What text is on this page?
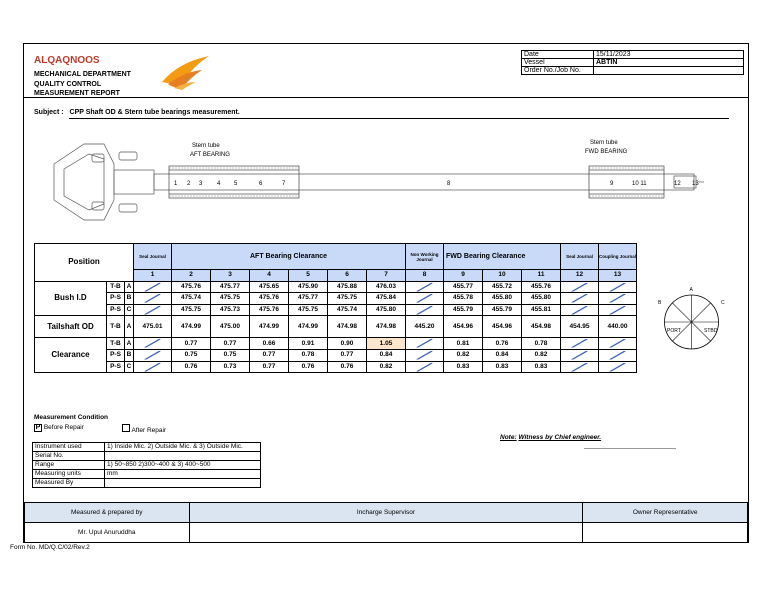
ALQAQNOOS
MECHANICAL DEPARTMENT
QUALITY CONTROL
MEASUREMENT REPORT
Date	15/11/2023
Vessel	ABTIN
Order No./Job No.	
Subject : CPP Shaft OD & Stern tube bearings measurement.
1 2 3 4 5	6	7	8	9	10 11	12 13
Stern tube
AFT BEARING
Stern tube
FWD BEARING
Position			Seal Journal	AFT Bearing Clearance						Non Working Journal	FWD Bearing Clearance			Seal Journal	Coupling Journal
			1	2	3	4	5	6	7	8	9	10	11	12	13
Bush I.D	T-B	A		475.76	475.77	475.65	475.90	475.88	476.03		455.77	455.72	455.76	

	P-S	B		475.74	475.75	475.76	475.77	475.75	475.84		455.78	455.80	455.80	

	P-S	C		475.75	475.73	475.76	475.75	475.74	475.80		455.79	455.79	455.81	

Tailshaft OD	T-B	A	475.01	474.99	475.00	474.99	474.99	474.98	474.98	445.20	454.96	454.96	454.98	454.95	440.00
Clearance	T-B	A		0.77	0.77	0.66	0.91	0.90	1.05		0.81	0.76	0.78	

	P-S	B		0.75	0.75	0.77	0.78	0.77	0.84		0.82	0.84	0.82	

	P-S	C		0.76	0.73	0.77	0.76	0.76	0.82		0.83	0.83	0.83	

A
B	C
PORT	STBD
Measurement Condition
P Before Repair	After Repair
Instrument used	1) Inside Mic. 2) Outside Mic. & 3) Outside Mic.
Serial No.	
Range	1) 50~850 2)300~400 & 3) 400~500
Measuring units	mm
Measured By	
Note: Witness by Chief engineer.
Measured & prepared by	Incharge Supervisor	Owner Representative
Mr. Upul Anuruddha		
Form No. MD/Q.C/02/Rev.2
